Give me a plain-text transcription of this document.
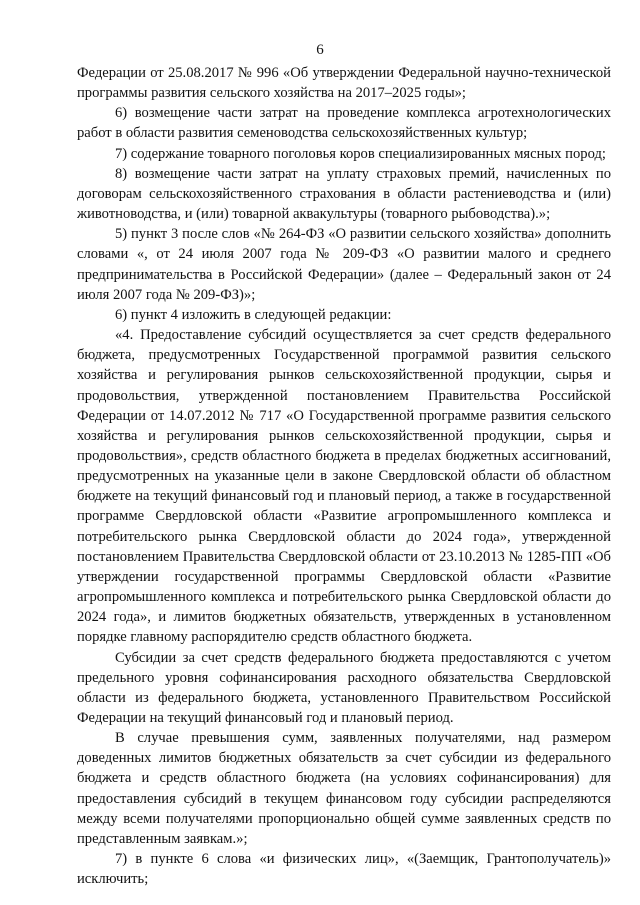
6

Федерации от 25.08.2017 № 996 «Об утверждении Федеральной научно-технической программы развития сельского хозяйства на 2017–2025 годы»;

6) возмещение части затрат на проведение комплекса агротехнологических работ в области развития семеноводства сельскохозяйственных культур;

7) содержание товарного поголовья коров специализированных мясных пород;

8) возмещение части затрат на уплату страховых премий, начисленных по договорам сельскохозяйственного страхования в области растениеводства и (или) животноводства, и (или) товарной аквакультуры (товарного рыбоводства).»;

5) пункт 3 после слов «№ 264-ФЗ «О развитии сельского хозяйства» дополнить словами «, от 24 июля 2007 года № 209-ФЗ «О развитии малого и среднего предпринимательства в Российской Федерации» (далее – Федеральный закон от 24 июля 2007 года № 209-ФЗ)»;

6) пункт 4 изложить в следующей редакции:

«4. Предоставление субсидий осуществляется за счет средств федерального бюджета, предусмотренных Государственной программой развития сельского хозяйства и регулирования рынков сельскохозяйственной продукции, сырья и продовольствия, утвержденной постановлением Правительства Российской Федерации от 14.07.2012 № 717 «О Государственной программе развития сельского хозяйства и регулирования рынков сельскохозяйственной продукции, сырья и продовольствия», средств областного бюджета в пределах бюджетных ассигнований, предусмотренных на указанные цели в законе Свердловской области об областном бюджете на текущий финансовый год и плановый период, а также в государственной программе Свердловской области «Развитие агропромышленного комплекса и потребительского рынка Свердловской области до 2024 года», утвержденной постановлением Правительства Свердловской области от 23.10.2013 № 1285-ПП «Об утверждении государственной программы Свердловской области «Развитие агропромышленного комплекса и потребительского рынка Свердловской области до 2024 года», и лимитов бюджетных обязательств, утвержденных в установленном порядке главному распорядителю средств областного бюджета.

Субсидии за счет средств федерального бюджета предоставляются с учетом предельного уровня софинансирования расходного обязательства Свердловской области из федерального бюджета, установленного Правительством Российской Федерации на текущий финансовый год и плановый период.

В случае превышения сумм, заявленных получателями, над размером доведенных лимитов бюджетных обязательств за счет субсидии из федерального бюджета и средств областного бюджета (на условиях софинансирования) для предоставления субсидий в текущем финансовом году субсидии распределяются между всеми получателями пропорционально общей сумме заявленных средств по представленным заявкам.»;

7) в пункте 6 слова «и физических лиц», «(Заемщик, Грантополучатель)» исключить;
